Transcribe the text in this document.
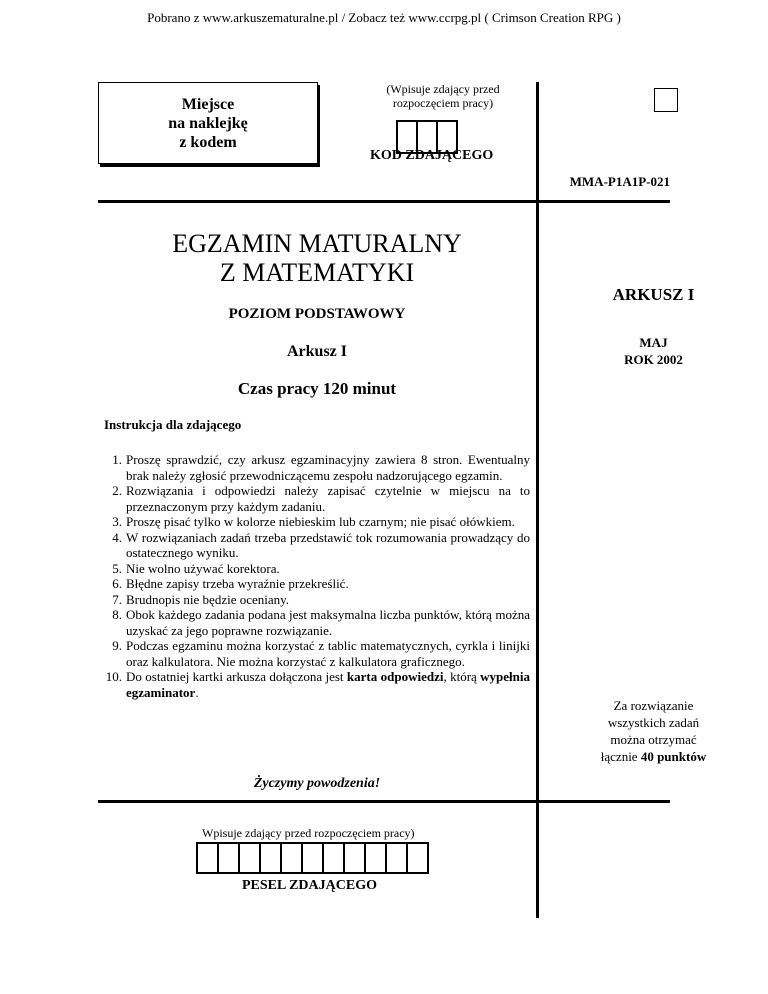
Pobrano z www.arkuszematuralne.pl / Zobacz też www.ccrpg.pl ( Crimson Creation RPG )
Miejsce
na naklejkę
z kodem
(Wpisuje zdający przed
rozpoczęciem pracy)
KOD ZDAJĄCEGO
MMA-P1A1P-021
EGZAMIN MATURALNY
Z MATEMATYKI
POZIOM PODSTAWOWY
Arkusz I
Czas pracy 120 minut
ARKUSZ I
MAJ
ROK 2002
Instrukcja dla zdającego
1. Proszę sprawdzić, czy arkusz egzaminacyjny zawiera 8 stron. Ewentualny brak należy zgłosić przewodniczącemu zespołu nadzorującego egzamin.
2. Rozwiązania i odpowiedzi należy zapisać czytelnie w miejscu na to przeznaczonym przy każdym zadaniu.
3. Proszę pisać tylko w kolorze niebieskim lub czarnym; nie pisać ołówkiem.
4. W rozwiązaniach zadań trzeba przedstawić tok rozumowania prowadzący do ostatecznego wyniku.
5. Nie wolno używać korektora.
6. Błędne zapisy trzeba wyraźnie przekreślić.
7. Brudnopis nie będzie oceniany.
8. Obok każdego zadania podana jest maksymalna liczba punktów, którą można uzyskać za jego poprawne rozwiązanie.
9. Podczas egzaminu można korzystać z tablic matematycznych, cyrkla i linijki oraz kalkulatora. Nie można korzystać z kalkulatora graficznego.
10. Do ostatniej kartki arkusza dołączona jest karta odpowiedzi, którą wypełnia egzaminator.
Za rozwiązanie
wszystkich zadań
można otrzymać
łącznie 40 punktów
Życzymy powodzenia!
Wpisuje zdający przed rozpoczęciem pracy)
PESEL ZDAJĄCEGO
